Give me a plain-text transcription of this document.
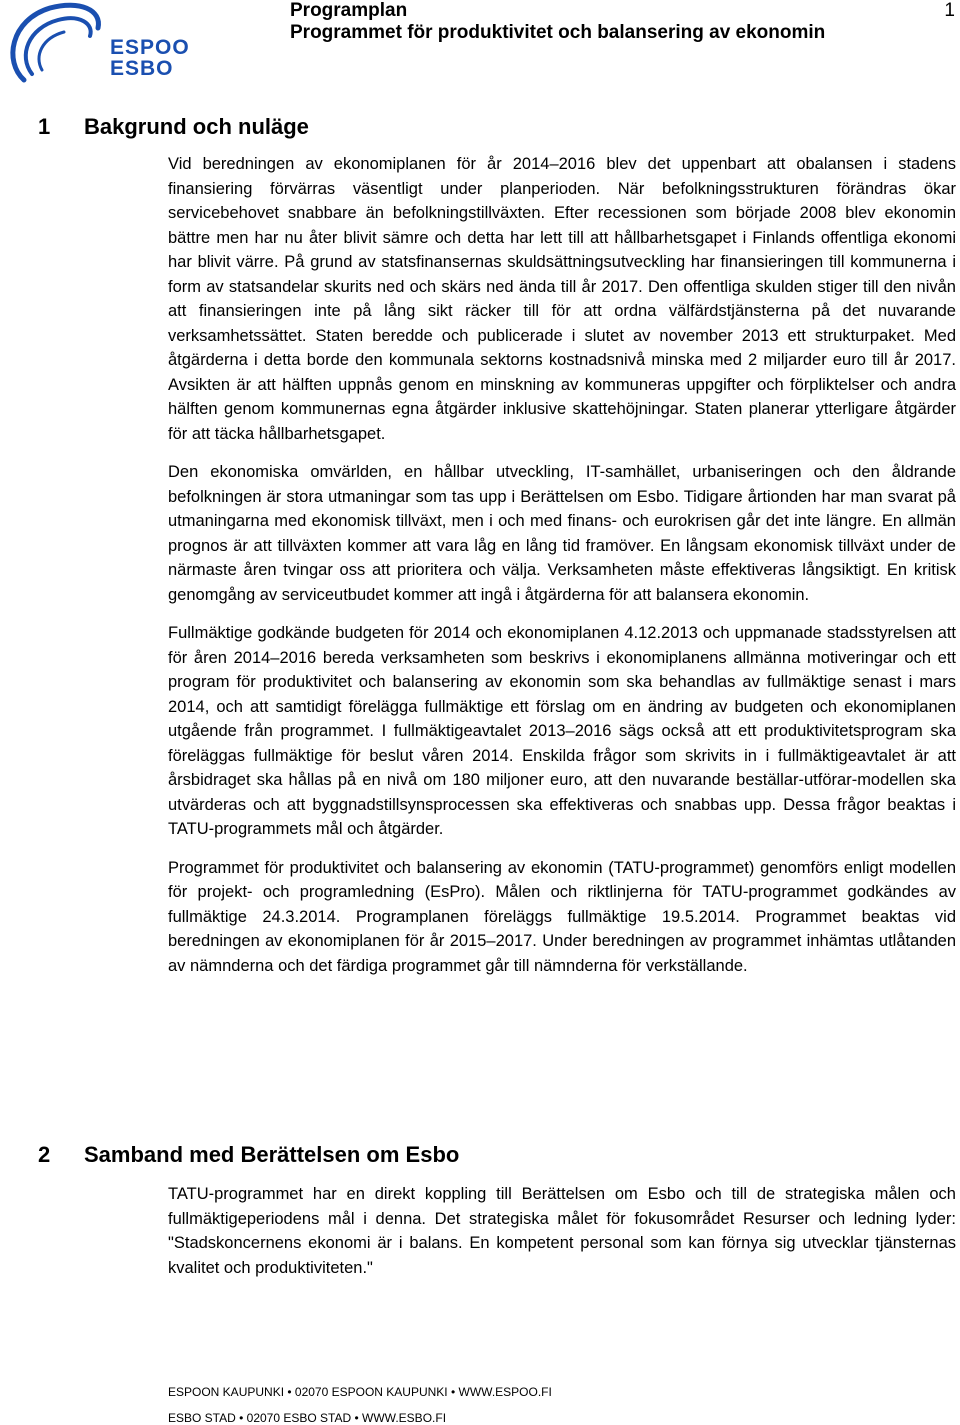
ESPOO
ESBO
Programplan
Programmet för produktivitet och balansering av ekonomin
1
1 Bakgrund och nuläge

Vid beredningen av ekonomiplanen för år 2014–2016 blev det uppenbart att obalansen i stadens finansiering förvärras väsentligt under planperioden. När befolkningsstrukturen förändras ökar servicebehovet snabbare än befolkningstillväxten. Efter recessionen som började 2008 blev ekonomin bättre men har nu åter blivit sämre och detta har lett till att hållbarhetsgapet i Finlands offentliga ekonomi har blivit värre. På grund av statsfinansernas skuldsättningsutveckling har finansieringen till kommunerna i form av statsandelar skurits ned och skärs ned ända till år 2017. Den offentliga skulden stiger till den nivån att finansieringen inte på lång sikt räcker till för att ordna välfärdstjänsterna på det nuvarande verksamhetssättet. Staten beredde och publicerade i slutet av november 2013 ett strukturpaket. Med åtgärderna i detta borde den kommunala sektorns kostnadsnivå minska med 2 miljarder euro till år 2017. Avsikten är att hälften uppnås genom en minskning av kommuneras uppgifter och förpliktelser och andra hälften genom kommunernas egna åtgärder inklusive skattehöjningar. Staten planerar ytterligare åtgärder för att täcka hållbarhetsgapet.

Den ekonomiska omvärlden, en hållbar utveckling, IT-samhället, urbaniseringen och den åldrande befolkningen är stora utmaningar som tas upp i Berättelsen om Esbo. Tidigare årtionden har man svarat på utmaningarna med ekonomisk tillväxt, men i och med finans- och eurokrisen går det inte längre. En allmän prognos är att tillväxten kommer att vara låg en lång tid framöver. En långsam ekonomisk tillväxt under de närmaste åren tvingar oss att prioritera och välja. Verksamheten måste effektiveras långsiktigt. En kritisk genomgång av serviceutbudet kommer att ingå i åtgärderna för att balansera ekonomin.

Fullmäktige godkände budgeten för 2014 och ekonomiplanen 4.12.2013 och uppmanade stadsstyrelsen att för åren 2014–2016 bereda verksamheten som beskrivs i ekonomiplanens allmänna motiveringar och ett program för produktivitet och balansering av ekonomin som ska behandlas av fullmäktige senast i mars 2014, och att samtidigt förelägga fullmäktige ett förslag om en ändring av budgeten och ekonomiplanen utgående från programmet. I fullmäktigeavtalet 2013–2016 sägs också att ett produktivitetsprogram ska föreläggas fullmäktige för beslut våren 2014. Enskilda frågor som skrivits in i fullmäktigeavtalet är att årsbidraget ska hållas på en nivå om 180 miljoner euro, att den nuvarande beställar-utförar-modellen ska utvärderas och att byggnadstillsynsprocessen ska effektiveras och snabbas upp. Dessa frågor beaktas i TATU-programmets mål och åtgärder.

Programmet för produktivitet och balansering av ekonomin (TATU-programmet) genomförs enligt modellen för projekt- och programledning (EsPro). Målen och riktlinjerna för TATU-programmet godkändes av fullmäktige 24.3.2014. Programplanen föreläggs fullmäktige 19.5.2014. Programmet beaktas vid beredningen av ekonomiplanen för år 2015–2017. Under beredningen av programmet inhämtas utlåtanden av nämnderna och det färdiga programmet går till nämnderna för verkställande.

2 Samband med Berättelsen om Esbo

TATU-programmet har en direkt koppling till Berättelsen om Esbo och till de strategiska målen och fullmäktigeperiodens mål i denna. Det strategiska målet för fokusområdet Resurser och ledning lyder: "Stadskoncernens ekonomi är i balans. En kompetent personal som kan förnya sig utvecklar tjänsternas kvalitet och produktiviteten."

ESPOON KAUPUNKI • 02070 ESPOON KAUPUNKI • WWW.ESPOO.FI
ESBO STAD • 02070 ESBO STAD • WWW.ESBO.FI
